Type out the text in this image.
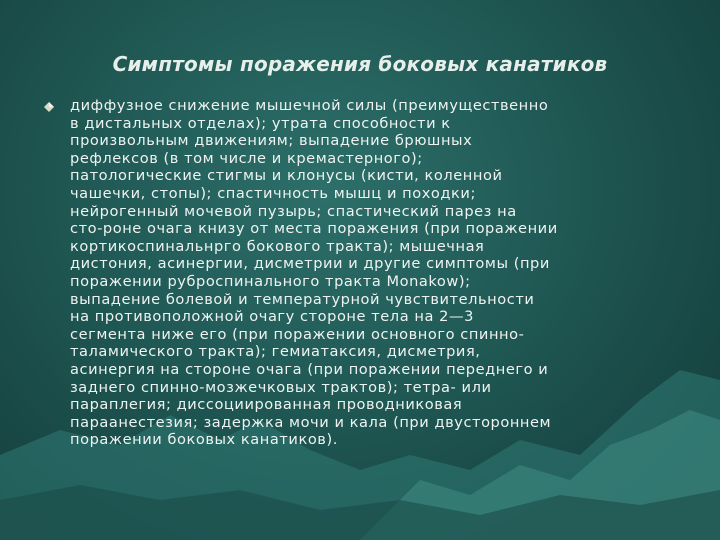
Симптомы поражения боковых канатиков
диффузное снижение мышечной силы (преимущественно
в дистальных отделах); утрата способности к
произвольным движениям; выпадение брюшных
рефлексов (в том числе и кремастерного);
патологические стигмы и клонусы (кисти, коленной
чашечки, стопы); спастичность мышц и походки;
нейрогенный мочевой пузырь; спастический парез на
сто-роне очага книзу от места поражения (при поражении
кортикоспинальнрго бокового тракта); мышечная
дистония, асинергии, дисметрии и другие симптомы (при
поражении руброспинального тракта Monakow);
выпадение болевой и температурной чувствительности
на противоположной очагу стороне тела на 2—3
сегмента ниже его (при поражении основного спинно-
таламического тракта); гемиатаксия, дисметрия,
асинергия на стороне очага (при поражении переднего и
заднего спинно-мозжечковых трактов); тетра- или
параплегия; диссоциированная проводниковая
параанестезия; задержка мочи и кала (при двустороннем
поражении боковых канатиков).
